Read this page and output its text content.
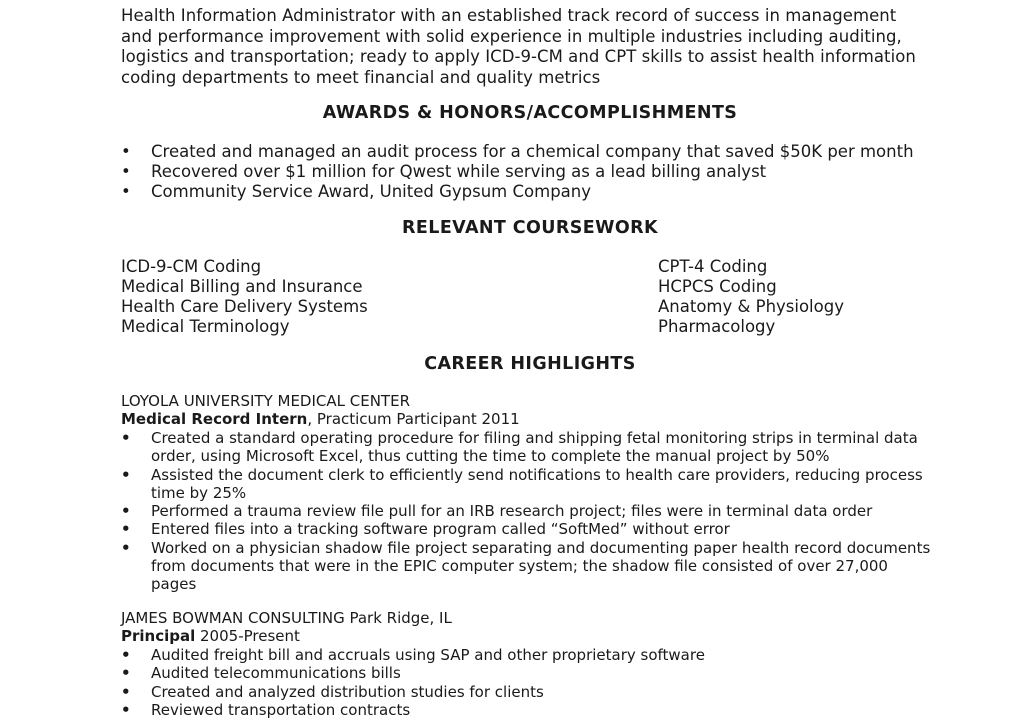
Health Information Administrator with an established track record of success in management
and performance improvement with solid experience in multiple industries including auditing,
logistics and transportation; ready to apply ICD-9-CM and CPT skills to assist health information
coding departments to meet financial and quality metrics

AWARDS & HONORS/ACCOMPLISHMENTS
• Created and managed an audit process for a chemical company that saved $50K per month
• Recovered over $1 million for Qwest while serving as a lead billing analyst
• Community Service Award, United Gypsum Company
RELEVANT COURSEWORK
ICD-9-CM Coding
Medical Billing and Insurance
Health Care Delivery Systems
Medical Terminology
CPT-4 Coding
HCPCS Coding
Anatomy & Physiology
Pharmacology
CAREER HIGHLIGHTS

LOYOLA UNIVERSITY MEDICAL CENTER

Medical Record Intern, Practicum Participant 2011

• Created a standard operating procedure for filing and shipping fetal monitoring strips in terminal data
order, using Microsoft Excel, thus cutting the time to complete the manual project by 50%
• Assisted the document clerk to efficiently send notifications to health care providers, reducing process
time by 25%
• Performed a trauma review file pull for an IRB research project; files were in terminal data order
• Entered files into a tracking software program called “SoftMed” without error
• Worked on a physician shadow file project separating and documenting paper health record documents
from documents that were in the EPIC computer system; the shadow file consisted of over 27,000
pages

JAMES BOWMAN CONSULTING Park Ridge, IL

Principal 2005-Present

• Audited freight bill and accruals using SAP and other proprietary software
• Audited telecommunications bills
• Created and analyzed distribution studies for clients
• Reviewed transportation contracts
